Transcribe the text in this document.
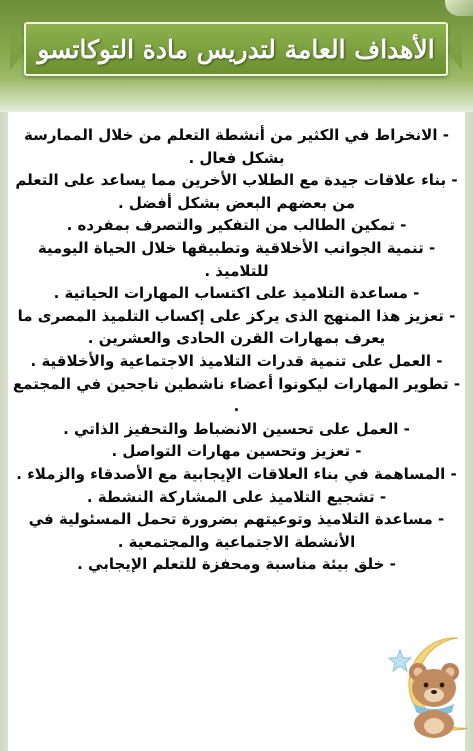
الأهداف العامة لتدريس مادة التوكاتسو

- الانخراط في الكثير من أنشطة التعلم من خلال الممارسة بشكل فعال .

- بناء علاقات جيدة مع الطلاب الأخرين مما يساعد على التعلم من بعضهم البعض بشكل أفضل .

- تمكين الطالب من التفكير والتصرف بمفرده .

- تنمية الجوانب الأخلاقية وتطبيقها خلال الحياة اليومية للتلاميذ .

- مساعدة التلاميذ على اكتساب المهارات الحياتية .

- تعزيز هذا المنهج الذى يركز على إكساب التلميذ المصرى ما يعرف بمهارات القرن الحادى والعشرين .

- العمل على تنمية قدرات التلاميذ الاجتماعية والأخلاقية .

- تطوير المهارات ليكونوا أعضاء ناشطين ناجحين في المجتمع .

- العمل على تحسين الانضباط والتحفيز الذاتي .

- تعزيز وتحسين مهارات التواصل .

- المساهمة في بناء العلاقات الإيجابية مع الأصدقاء والزملاء .

- تشجيع التلاميذ على المشاركة النشطة .

- مساعدة التلاميذ وتوعيتهم بضرورة تحمل المسئولية في الأنشطة الاجتماعية والمجتمعية .

- خلق بيئة مناسبة ومحفزة للتعلم الإيجابي .
